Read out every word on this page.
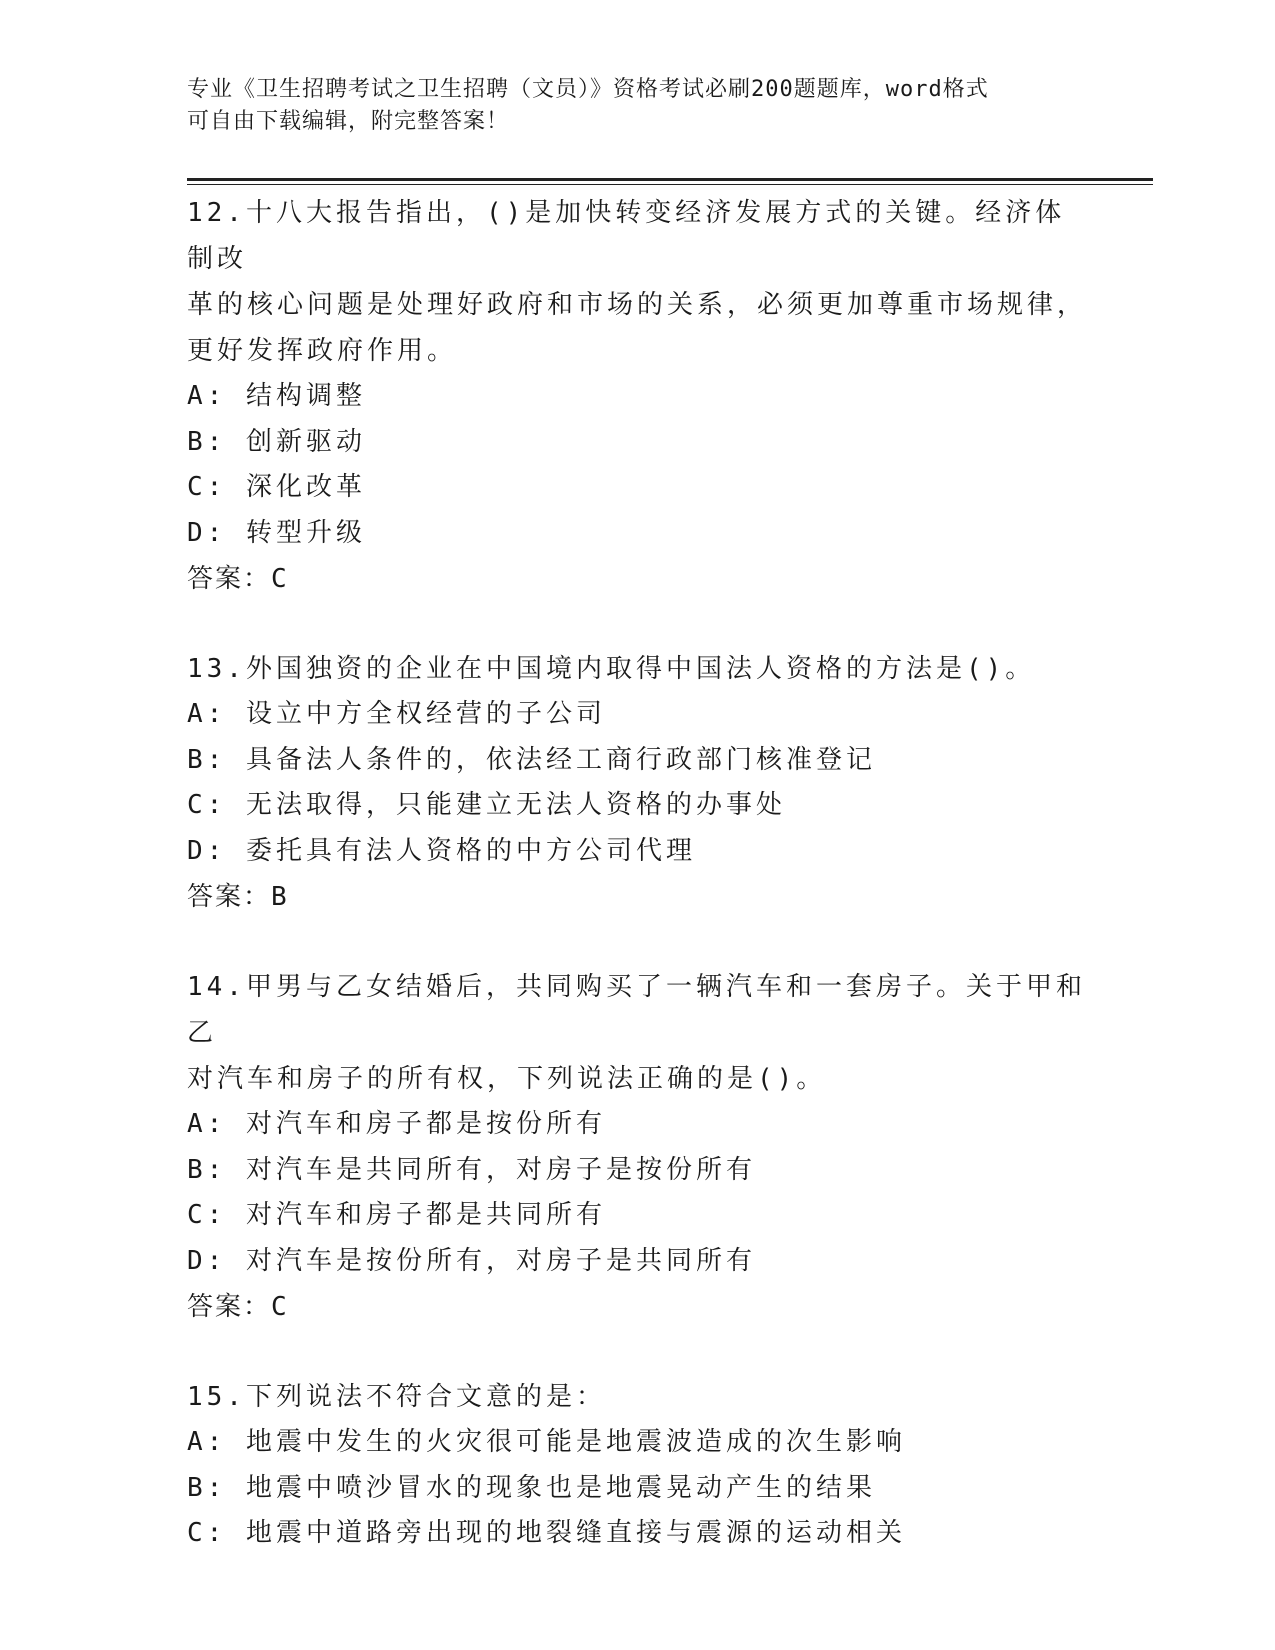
专业《卫生招聘考试之卫生招聘（文员）》资格考试必刷200题题库，word格式
可自由下载编辑，附完整答案！
12.十八大报告指出，()是加快转变经济发展方式的关键。经济体制改
革的核心问题是处理好政府和市场的关系，必须更加尊重市场规律，
更好发挥政府作用。
A: 结构调整
B: 创新驱动
C: 深化改革
D: 转型升级
答案：C
13.外国独资的企业在中国境内取得中国法人资格的方法是()。
A: 设立中方全权经营的子公司
B: 具备法人条件的，依法经工商行政部门核准登记
C: 无法取得，只能建立无法人资格的办事处
D: 委托具有法人资格的中方公司代理
答案：B
14.甲男与乙女结婚后，共同购买了一辆汽车和一套房子。关于甲和乙
对汽车和房子的所有权，下列说法正确的是()。
A: 对汽车和房子都是按份所有
B: 对汽车是共同所有，对房子是按份所有
C: 对汽车和房子都是共同所有
D: 对汽车是按份所有，对房子是共同所有
答案：C
15.下列说法不符合文意的是：
A: 地震中发生的火灾很可能是地震波造成的次生影响
B: 地震中喷沙冒水的现象也是地震晃动产生的结果
C: 地震中道路旁出现的地裂缝直接与震源的运动相关
